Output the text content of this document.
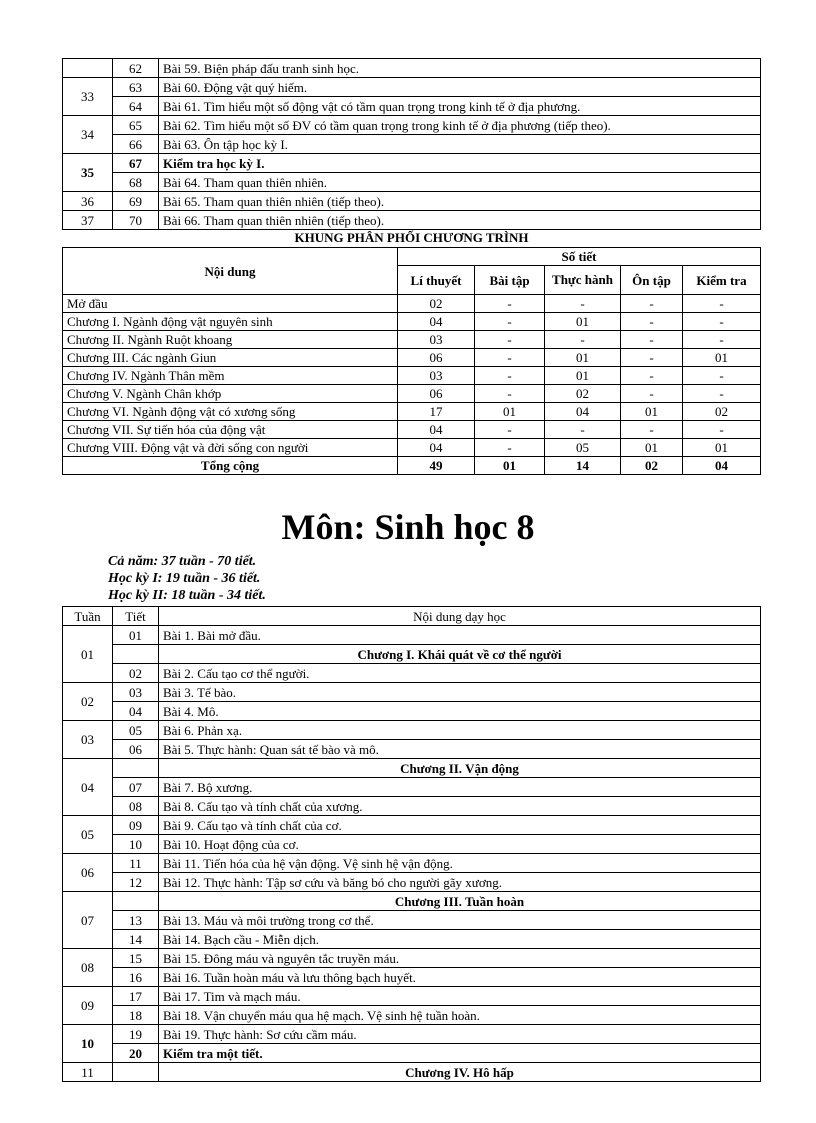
	62	Bài 59. Biện pháp đấu tranh sinh học.
33	63	Bài 60. Động vật quý hiếm.
	64	Bài 61. Tìm hiểu một số động vật có tầm quan trọng trong kinh tế ở địa phương.
34	65	Bài 62. Tìm hiểu một số ĐV có tầm quan trọng trong kinh tế ở địa phương (tiếp theo).
	66	Bài 63. Ôn tập học kỳ I.
35	67	Kiểm tra học kỳ I.
	68	Bài 64. Tham quan thiên nhiên.
36	69	Bài 65. Tham quan thiên nhiên (tiếp theo).
37	70	Bài 66. Tham quan thiên nhiên (tiếp theo).
KHUNG PHÂN PHỐI CHƯƠNG TRÌNH
Nội dung	Số tiết				
	Lí thuyết	Bài tập	Thực hành	Ôn tập	Kiểm tra
Mở đầu	02	-	-	-	-
Chương I. Ngành động vật nguyên sinh	04	-	01	-	-
Chương II. Ngành Ruột khoang	03	-	-	-	-
Chương III. Các ngành Giun	06	-	01	-	01
Chương IV. Ngành Thân mềm	03	-	01	-	-
Chương V. Ngành Chân khớp	06	-	02	-	-
Chương VI. Ngành động vật có xương sống	17	01	04	01	02
Chương VII. Sự tiến hóa của động vật	04	-	-	-	-
Chương VIII. Động vật và đời sống con người	04	-	05	01	01
Tổng cộng	49	01	14	02	04
Môn: Sinh học 8
Cả năm: 37 tuần - 70 tiết.
Học kỳ I: 19 tuần - 36 tiết.
Học kỳ II: 18 tuần - 34 tiết.
Tuần	Tiết	Nội dung dạy học
01	01	Bài 1. Bài mở đầu.
		Chương I. Khái quát về cơ thể người
	02	Bài 2. Cấu tạo cơ thể người.
02	03	Bài 3. Tế bào.
	04	Bài 4. Mô.
03	05	Bài 6. Phản xạ.
	06	Bài 5. Thực hành: Quan sát tế bào và mô.
04		Chương II. Vận động
	07	Bài 7. Bộ xương.
	08	Bài 8. Cấu tạo và tính chất của xương.
05	09	Bài 9. Cấu tạo và tính chất của cơ.
	10	Bài 10. Hoạt động của cơ.
06	11	Bài 11. Tiến hóa của hệ vận động. Vệ sinh hệ vận động.
	12	Bài 12. Thực hành: Tập sơ cứu và băng bó cho người gãy xương.
07		Chương III. Tuần hoàn
	13	Bài 13. Máu và môi trường trong cơ thể.
	14	Bài 14. Bạch cầu - Miễn dịch.
08	15	Bài 15. Đông máu và nguyên tắc truyền máu.
	16	Bài 16. Tuần hoàn máu và lưu thông bạch huyết.
09	17	Bài 17. Tim và mạch máu.
	18	Bài 18. Vận chuyển máu qua hệ mạch. Vệ sinh hệ tuần hoàn.
10	19	Bài 19. Thực hành: Sơ cứu cầm máu.
	20	Kiểm tra một tiết.
11		Chương IV. Hô hấp
